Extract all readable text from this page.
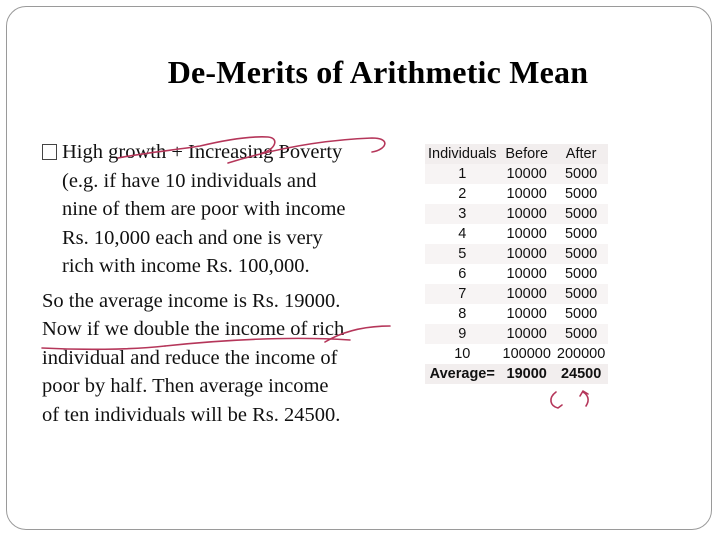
De-Merits of Arithmetic Mean
High growth + Increasing Poverty
(e.g. if have 10 individuals and
nine of them are poor with income
Rs. 10,000 each and one is very
rich with income Rs. 100,000.
So the average income is Rs. 19000.
Now if we double the income of rich
individual and reduce the income of
poor by half. Then average income
of ten individuals will be Rs. 24500.
Individuals	Before	After
1	10000	5000
2	10000	5000
3	10000	5000
4	10000	5000
5	10000	5000
6	10000	5000
7	10000	5000
8	10000	5000
9	10000	5000
10	100000	200000
Average=	19000	24500
